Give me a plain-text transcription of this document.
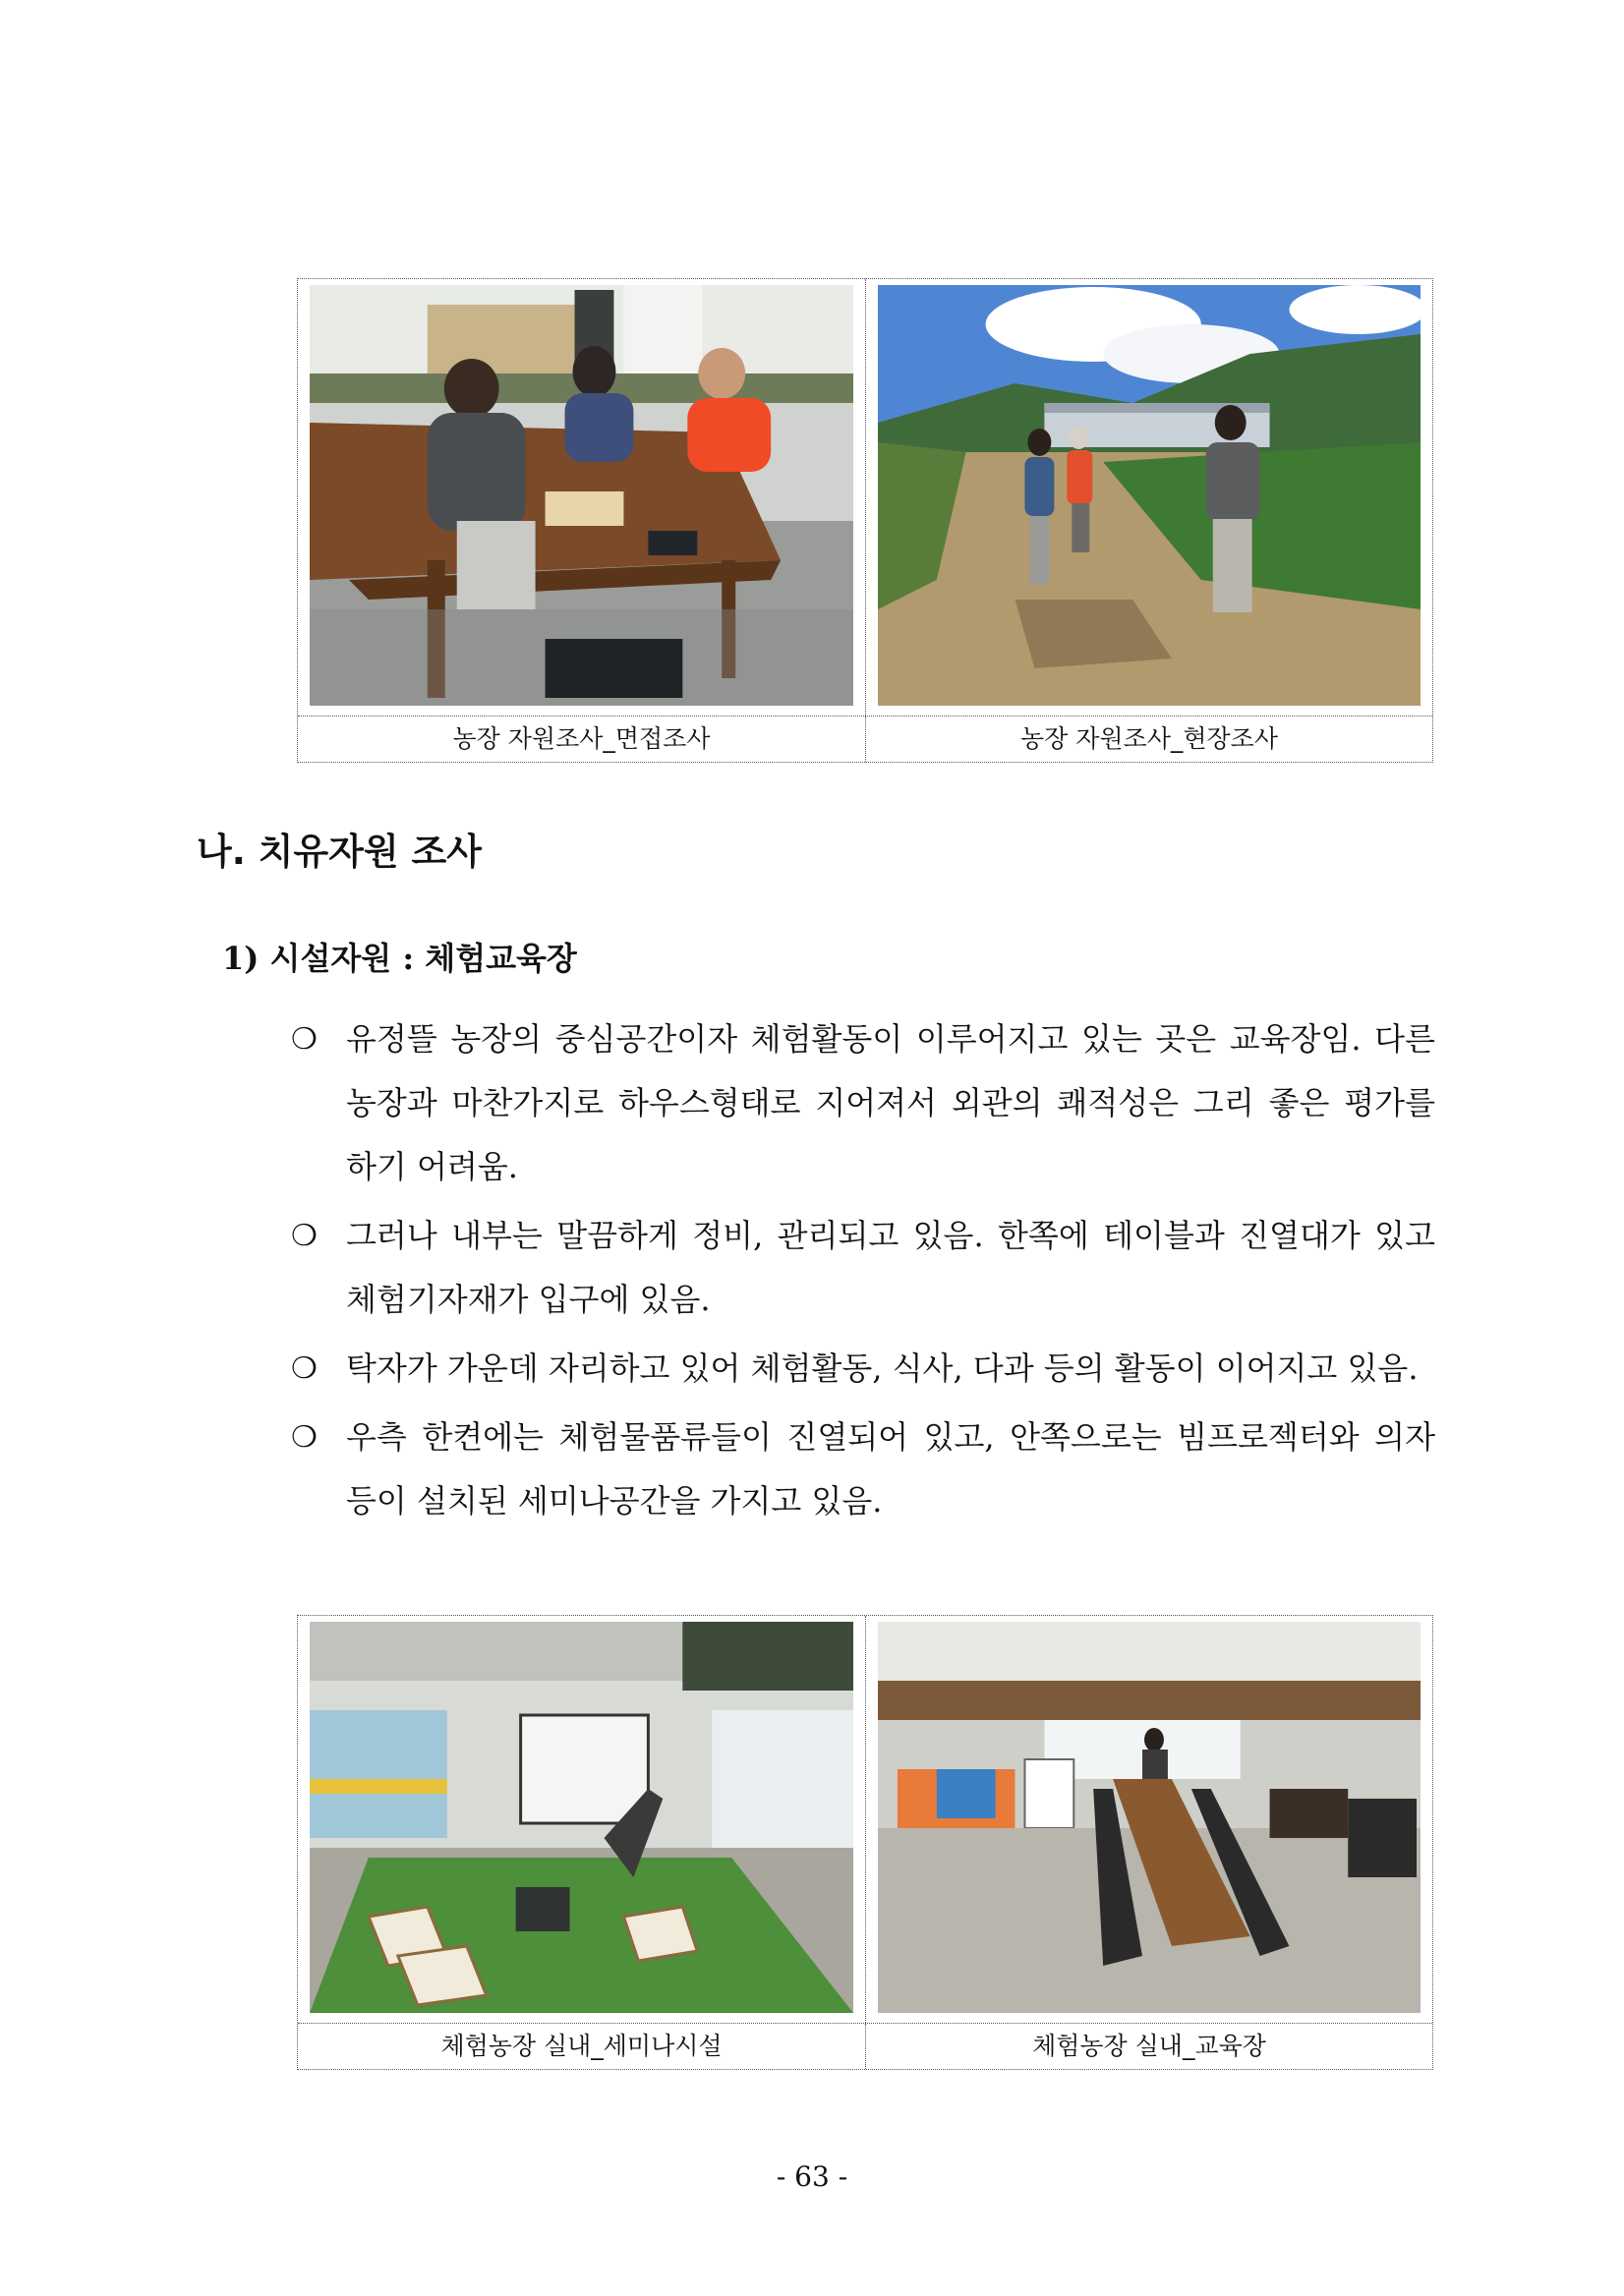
농장 자원조사_면접조사	농장 자원조사_현장조사
나. 치유자원 조사
1) 시설자원 : 체험교육장
❍ 유정뜰 농장의 중심공간이자 체험활동이 이루어지고 있는 곳은 교육장임. 다른 농장과 마찬가지로 하우스형태로 지어져서 외관의 쾌적성은 그리 좋은 평가를 하기 어려움.
❍ 그러나 내부는 말끔하게 정비, 관리되고 있음. 한쪽에 테이블과 진열대가 있고 체험기자재가 입구에 있음.
❍ 탁자가 가운데 자리하고 있어 체험활동, 식사, 다과 등의 활동이 이어지고 있음.
❍ 우측 한켠에는 체험물품류들이 진열되어 있고, 안쪽으로는 빔프로젝터와 의자 등이 설치된 세미나공간을 가지고 있음.
체험농장 실내_세미나시설	체험농장 실내_교육장
- 63 -
